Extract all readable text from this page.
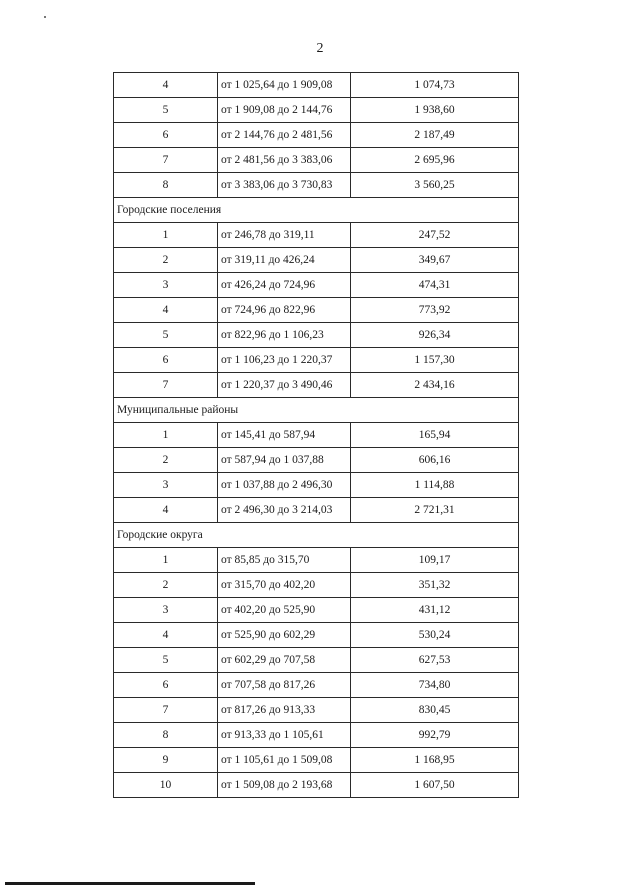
2
4	от 1 025,64 до 1 909,08	1 074,73
5	от 1 909,08 до 2 144,76	1 938,60
6	от 2 144,76 до 2 481,56	2 187,49
7	от 2 481,56 до 3 383,06	2 695,96
8	от 3 383,06 до 3 730,83	3 560,25
Городские поселения		
1	от 246,78 до 319,11	247,52
2	от 319,11 до 426,24	349,67
3	от 426,24 до 724,96	474,31
4	от 724,96 до 822,96	773,92
5	от 822,96 до 1 106,23	926,34
6	от 1 106,23 до 1 220,37	1 157,30
7	от 1 220,37 до 3 490,46	2 434,16
Муниципальные районы		
1	от 145,41 до 587,94	165,94
2	от 587,94 до 1 037,88	606,16
3	от 1 037,88 до 2 496,30	1 114,88
4	от 2 496,30 до 3 214,03	2 721,31
Городские округа		
1	от 85,85 до 315,70	109,17
2	от 315,70 до 402,20	351,32
3	от 402,20 до 525,90	431,12
4	от 525,90 до 602,29	530,24
5	от 602,29 до 707,58	627,53
6	от 707,58 до 817,26	734,80
7	от 817,26 до 913,33	830,45
8	от 913,33 до 1 105,61	992,79
9	от 1 105,61 до 1 509,08	1 168,95
10	от 1 509,08 до 2 193,68	1 607,50
